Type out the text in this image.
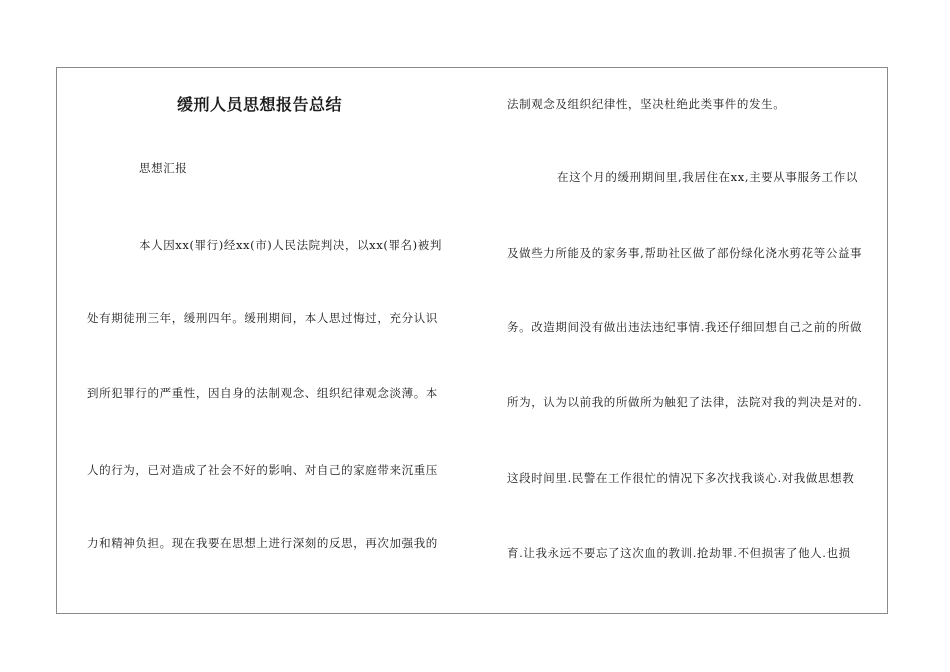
缓刑人员思想报告总结
思想汇报
本人因xx(罪行)经xx(市)人民法院判决，以xx(罪名)被判
处有期徒刑三年，缓刑四年。缓刑期间，本人思过悔过，充分认识
到所犯罪行的严重性，因自身的法制观念、组织纪律观念淡薄。本
人的行为，已对造成了社会不好的影响、对自己的家庭带来沉重压
力和精神负担。现在我要在思想上进行深刻的反思，再次加强我的
法制观念及组织纪律性，坚决杜绝此类事件的发生。
在这个月的缓刑期间里,我居住在xx,主要从事服务工作以
及做些力所能及的家务事,帮助社区做了部份绿化浇水剪花等公益事
务。改造期间没有做出违法违纪事情.我还仔细回想自己之前的所做
所为，认为以前我的所做所为触犯了法律，法院对我的判决是对的.
这段时间里.民警在工作很忙的情况下多次找我谈心.对我做思想教
育.让我永远不要忘了这次血的教训.抢劫罪.不但损害了他人.也损
